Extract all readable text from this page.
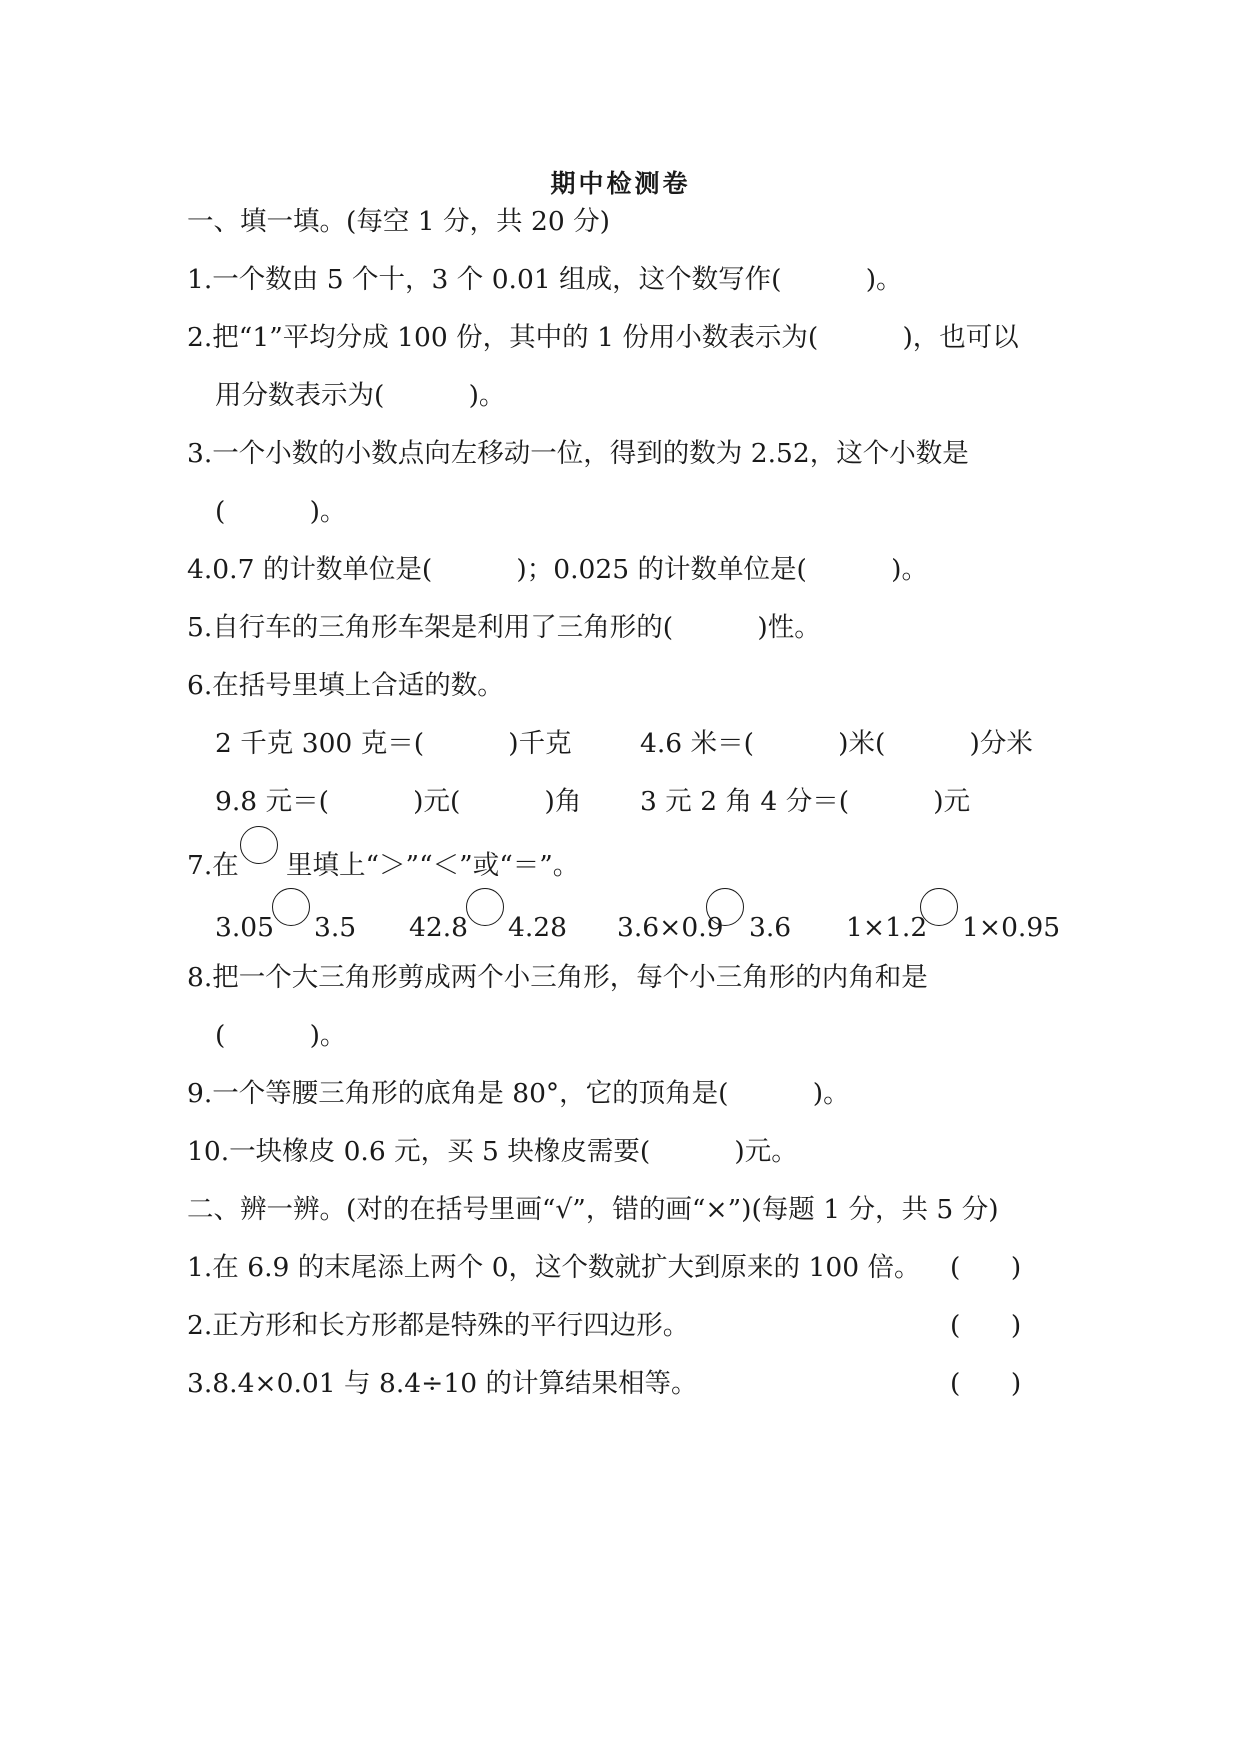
期中检测卷
一、填一填。(每空 1 分，共 20 分)
1.一个数由 5 个十，3 个 0.01 组成，这个数写作(          )。
2.把“1”平均分成 100 份，其中的 1 份用小数表示为(          )，也可以
用分数表示为(          )。
3.一个小数的小数点向左移动一位，得到的数为 2.52，这个小数是
(          )。
4.0.7 的计数单位是(          )；0.025 的计数单位是(          )。
5.自行车的三角形车架是利用了三角形的(          )性。
6.在括号里填上合适的数。
2 千克 300 克＝(          )千克	4.6 米＝(          )米(          )分米
9.8 元＝(          )元(          )角 3 元 2 角 4 分＝(          )元
7.在 里填上“＞”“＜”或“＝”。
3.05 3.5 42.8 4.28 3.6×0.9 3.6 1×1.2 1×0.95
8.把一个大三角形剪成两个小三角形，每个小三角形的内角和是
(          )。
9.一个等腰三角形的底角是 80°，它的顶角是(          )。
10.一块橡皮 0.6 元，买 5 块橡皮需要(          )元。
二、辨一辨。(对的在括号里画“√”，错的画“×”)(每题 1 分，共 5 分)
1.在 6.9 的末尾添上两个 0，这个数就扩大到原来的 100 倍。 (      )
2.正方形和长方形都是特殊的平行四边形。	(      )
3.8.4×0.01 与 8.4÷10 的计算结果相等。	(      )
